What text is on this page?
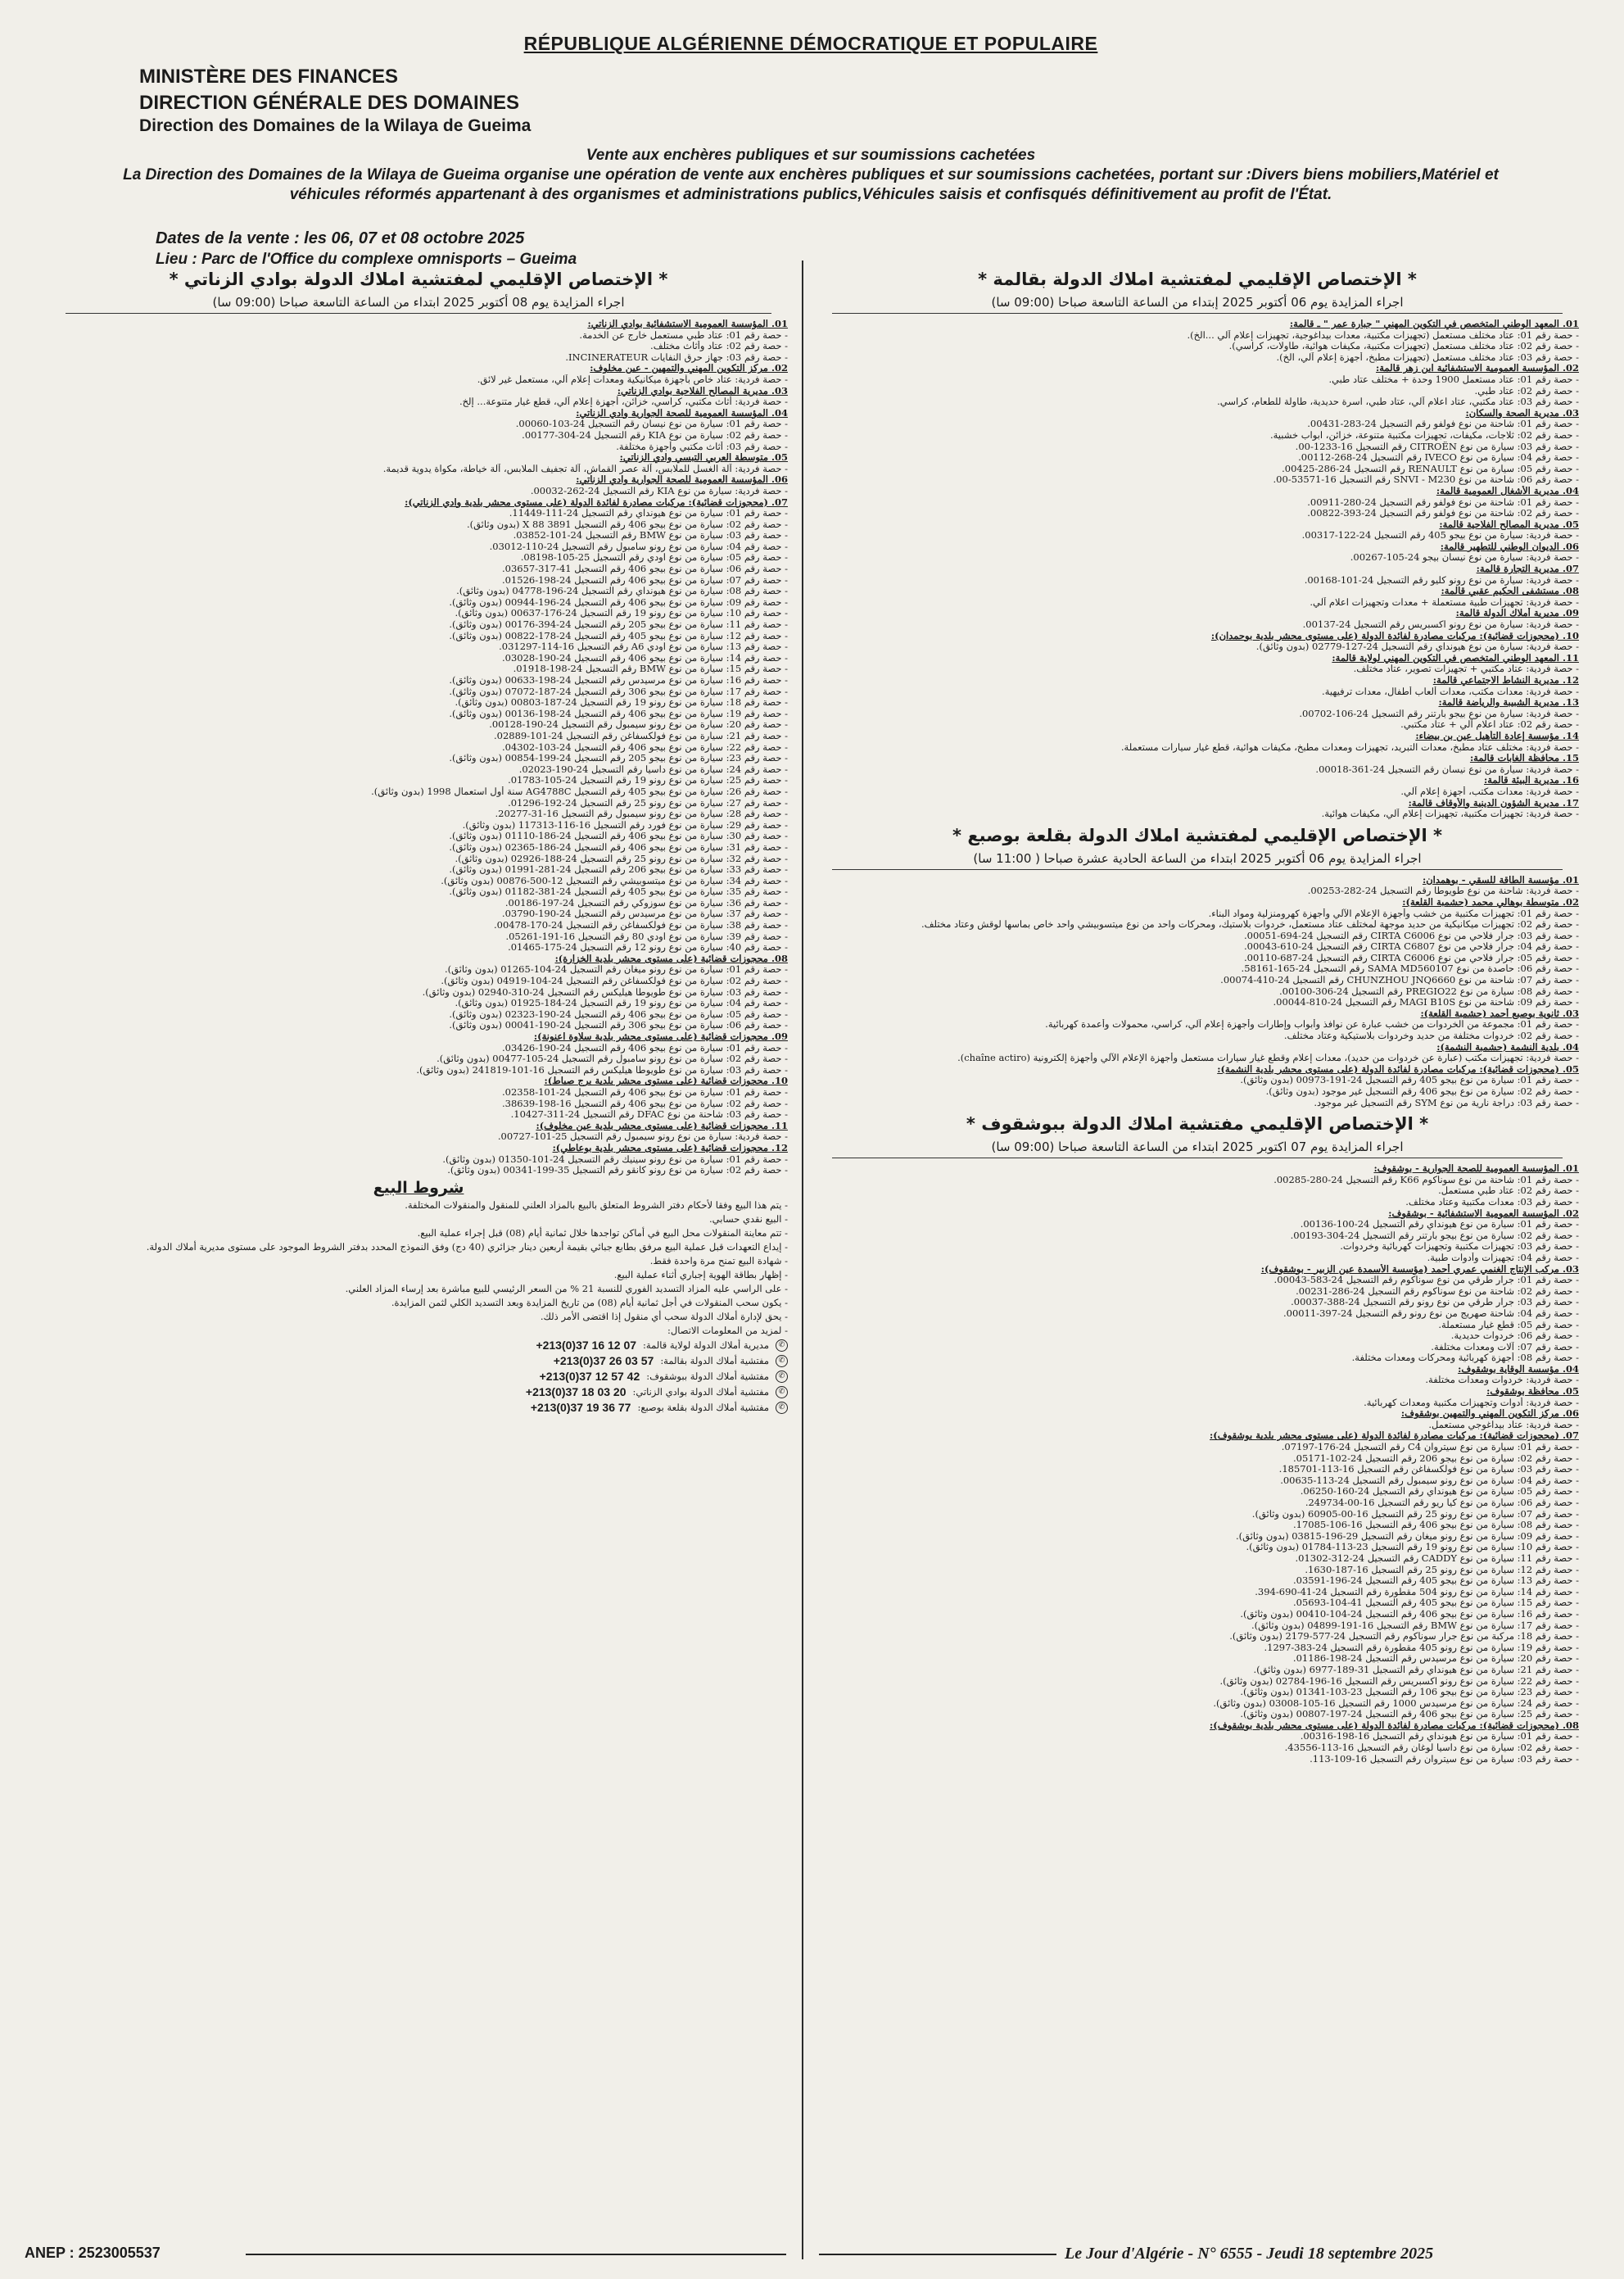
RÉPUBLIQUE ALGÉRIENNE DÉMOCRATIQUE ET POPULAIRE
MINISTÈRE DES FINANCES
DIRECTION GÉNÉRALE DES DOMAINES
Direction des Domaines de la Wilaya de Gueima
Vente aux enchères publiques et sur soumissions cachetées
La Direction des Domaines de la Wilaya de Gueima organise une opération de vente aux enchères publiques et sur soumissions cachetées, portant sur :Divers biens mobiliers,Matériel et véhicules réformés appartenant à des organismes et administrations publics,Véhicules saisis et confisqués définitivement au profit de l'État.
Dates de la vente : les 06, 07 et 08 octobre 2025
Lieu : Parc de l'Office du complexe omnisports – Gueima
* الإختصاص الإقليمي لمفتشية املاك الدولة بقالمة *
اجراء المزايدة يوم 06 أكتوبر 2025 إبتداء من الساعة التاسعة صباحا (09:00 سا)
01. المعهد الوطني المتخصص في التكوين المهني " جبارة عمر " ـ قالمة:
- حصة رقم 01: عتاد مختلف مستعمل (تجهيزات مكتبية، معدات بيداغوجية، تجهيزات إعلام آلي ...الخ).
- حصة رقم 02: عتاد مختلف مستعمل (تجهيزات مكتبية، مكيفات هوائية، طاولات، كراسي).
- حصة رقم 03: عتاد مختلف مستعمل (تجهيزات مطبخ، أجهزة إعلام آلي، الخ).
02. المؤسسة العمومية الاستشفائية ابن زهر قالمة:
- حصة رقم 01: عتاد مستعمل 1900 وحدة + مختلف عتاد طبي.
- حصة رقم 02: عتاد طبي.
- حصة رقم 03: عتاد مكتبي، عتاد اعلام آلي، عتاد طبي، اسرة حديدية، طاولة للطعام، كراسي.
03. مديرية الصحة والسكان:
- حصة رقم 01: شاحنة من نوع فولفو رقم التسجيل 24-283-00431.
- حصة رقم 02: ثلاجات، مكيفات، تجهيزات مكتبية متنوعة، خزائن، ابواب خشبية.
- حصة رقم 03: سيارة من نوع CITROËN رقم التسجيل 16-1233-00.
- حصة رقم 04: سيارة من نوع IVECO رقم التسجيل 24-268-00112.
- حصة رقم 05: سيارة من نوع RENAULT رقم التسجيل 24-286-00425.
- حصة رقم 06: شاحنة من نوع SNVI - M230 رقم التسجيل 16-53571-00.
04. مديرية الأشغال العمومية قالمة:
- حصة رقم 01: شاحنة من نوع فولفو رقم التسجيل 24-280-00911.
- حصة رقم 02: شاحنة من نوع فولفو رقم التسجيل 24-393-00822.
05. مديرية المصالح الفلاحية قالمة:
- حصة فردية: سيارة من نوع بيجو 405 رقم التسجيل 24-122-00317.
06. الديوان الوطني للتطهير قالمة:
- حصة فردية: سيارة من نوع نيسان بيجو 24-105-00267.
07. مديرية التجارة قالمة:
- حصة فردية: سيارة من نوع رونو كليو رقم التسجيل 24-101-00168.
08. مستشفى الحكيم عقبي قالمة:
- حصة فردية: تجهيزات طبية مستعملة + معدات وتجهيزات اعلام آلي.
09. مديرية أملاك الدولة قالمة:
- حصة فردية: سيارة من نوع رونو اكسبريس رقم التسجيل 24-00137.
10. (محجوزات قضائية): مركبات مصادرة لفائدة الدولة (على مستوى محشر بلدية بوحمدان):
- حصة فردية: سيارة من نوع هيونداي رقم التسجيل 24-127-02779 (بدون وثائق).
11. المعهد الوطني المتخصص في التكوين المهني لولاية قالمة:
- حصة فردية: عتاد مكتبي + تجهيزات تصوير، عتاد مختلف.
12. مديرية النشاط الاجتماعي قالمة:
- حصة فردية: معدات مكتب، معدات ألعاب أطفال، معدات ترفيهية.
13. مديرية الشبيبة والرياضة قالمة:
- حصة فردية: سيارة من نوع بيجو بارتنر رقم التسجيل 24-106-00702.
- حصة رقم 02: عتاد اعلام آلي + عتاد مكتبي.
14. مؤسسة إعادة التأهيل عين بن بيضاء:
- حصة فردية: مختلف عتاد مطبخ، معدات التبريد، تجهيزات ومعدات مطبخ، مكيفات هوائية، قطع غيار سيارات مستعملة.
15. محافظة الغابات قالمة:
- حصة فردية: سيارة من نوع نيسان رقم التسجيل 24-361-00018.
16. مديرية البيئة قالمة:
- حصة فردية: معدات مكتب، أجهزة إعلام آلي.
17. مديرية الشؤون الدينية والأوقاف قالمة:
- حصة فردية: تجهيزات مكتبية، تجهيزات إعلام آلي، مكيفات هوائية.
* الإختصاص الإقليمي لمفتشية املاك الدولة بقلعة بوصبع *
اجراء المزايدة يوم 06 أكتوبر 2025 ابتداء من الساعة الحادية عشرة صباحا ( 11:00 سا)
01. مؤسسة الطاقة للسقي - بوهمدان:
- حصة فردية: شاحنة من نوع طويوطا رقم التسجيل 24-282-00253.
02. متوسطة بوهالي محمد (حشمبة القلعة):
- حصة رقم 01: تجهيزات مكتبية من خشب وأجهزة الإعلام الآلي وأجهزة كهرومنزلية ومواد البناء.
- حصة رقم 02: تجهيزات ميكانيكية من حديد موجهة لمختلف عتاد مستعمل، خردوات بلاستيك، ومحركات واحد من نوع ميتسوبيشي واحد خاص بماسها لوقش وعتاد مختلف.
- حصة رقم 03: جرار فلاحي من نوع CIRTA C6006 رقم التسجيل 24-694-00051.
- حصة رقم 04: جرار فلاحي من نوع CIRTA C6807 رقم التسجيل 24-610-00043.
- حصة رقم 05: جرار فلاحي من نوع CIRTA C6006 رقم التسجيل 24-687-00110.
- حصة رقم 06: حاصدة من نوع SAMA MD560107 رقم التسجيل 24-165-58161.
- حصة رقم 07: شاحنة من نوع CHUNZHOU JNQ6660 رقم التسجيل 24-410-00074.
- حصة رقم 08: سيارة من نوع PREGIO22 رقم التسجيل 24-306-00100.
- حصة رقم 09: شاحنة من نوع MAGI B10S رقم التسجيل 24-810-00044.
03. ثانوية بوصبع أحمد (حشمبة القلعة):
- حصة رقم 01: مجموعة من الخردوات من خشب عبارة عن نوافذ وأبواب وإطارات وأجهزة إعلام آلي، كراسي، محمولات وأعمدة كهربائية.
- حصة رقم 02: خردوات مختلفة من حديد وخردوات بلاستيكية وعتاد مختلف.
04. بلدية النشمة (حشمبة النشمة):
- حصة فردية: تجهيزات مكتب (عبارة عن خردوات من حديد)، معدات إعلام وقطع غيار سيارات مستعمل وأجهزة الإعلام الآلي وأجهزة إلكترونية (chaîne actiro).
05. (محجوزات قضائية): مركبات مصادرة لفائدة الدولة (على مستوى محشر بلدية النشمة):
- حصة رقم 01: سيارة من نوع بيجو 405 رقم التسجيل 24-191-00973 (بدون وثائق).
- حصة رقم 02: سيارة من نوع بيجو 406 رقم التسجيل غير موجود (بدون وثائق).
- حصة رقم 03: دراجة نارية من نوع SYM رقم التسجيل غير موجود.
* الإختصاص الإقليمي مفتشية املاك الدولة ببوشقوف *
اجراء المزايدة يوم 07 اكتوبر 2025 ابتداء من الساعة التاسعة صباحا (09:00 سا)
01. المؤسسة العمومية للصحة الجوارية - بوشقوف:
- حصة رقم 01: شاحنة من نوع سوناكوم K66 رقم التسجيل 24-280-00285.
- حصة رقم 02: عتاد طبي مستعمل.
- حصة رقم 03: معدات مكتبية وعتاد مختلف.
02. المؤسسة العمومية الاستشفائية - بوشقوف:
- حصة رقم 01: سيارة من نوع هيونداي رقم التسجيل 24-100-00136.
- حصة رقم 02: سيارة من نوع بيجو بارتنر رقم التسجيل 24-304-00193.
- حصة رقم 03: تجهيزات مكتبية وتجهيزات كهربائية وخردوات.
- حصة رقم 04: تجهيزات وأدوات طبية.
03. مركب الإنتاج الغنمي عمري أحمد (مؤسسة الأسمدة عين الزبير - بوشقوف):
- حصة رقم 01: جرار طرقي من نوع سوناكوم رقم التسجيل 24-583-00043.
- حصة رقم 02: شاحنة من نوع سوناكوم رقم التسجيل 24-286-00231.
- حصة رقم 03: جرار طرقي من نوع رونو رقم التسجيل 24-388-00037.
- حصة رقم 04: شاحنة صهريج من نوع رونو رقم التسجيل 24-397-00011.
- حصة رقم 05: قطع غيار مستعملة.
- حصة رقم 06: خردوات حديدية.
- حصة رقم 07: آلات ومعدات مختلفة.
- حصة رقم 08: أجهزة كهربائية ومحركات ومعدات مختلفة.
04. مؤسسة الوقاية بوشقوف:
- حصة فردية: خردوات ومعدات مختلفة.
05. محافظة بوشقوف:
- حصة فردية: أدوات وتجهيزات مكتبية ومعدات كهربائية.
06. مركز التكوين المهني والتمهين بوشقوف:
- حصة فردية: عتاد بيداغوجي مستعمل.
07. (محجوزات قضائية): مركبات مصادرة لفائدة الدولة (على مستوى محشر بلدية بوشقوف):
- حصة رقم 01: سيارة من نوع سيتروان C4 رقم التسجيل 24-176-07197.
- حصة رقم 02: سيارة من نوع بيجو 206 رقم التسجيل 24-102-05171.
- حصة رقم 03: سيارة من نوع فولكسفاغن رقم التسجيل 16-113-185701.
- حصة رقم 04: سيارة من نوع رونو سيمبول رقم التسجيل 24-113-00635.
- حصة رقم 05: سيارة من نوع هيونداي رقم التسجيل 24-160-06250.
- حصة رقم 06: سيارة من نوع كيا ريو رقم التسجيل 16-00-249734.
- حصة رقم 07: سيارة من نوع رونو 25 رقم التسجيل 16-00-60905 (بدون وثائق).
- حصة رقم 08: سيارة من نوع بيجو 406 رقم التسجيل 16-106-17085.
- حصة رقم 09: سيارة من نوع رونو ميغان رقم التسجيل 29-196-03815 (بدون وثائق).
- حصة رقم 10: سيارة من نوع رونو 19 رقم التسجيل 23-113-01784 (بدون وثائق).
- حصة رقم 11: سيارة من نوع CADDY رقم التسجيل 24-312-01302.
- حصة رقم 12: سيارة من نوع رونو 25 رقم التسجيل 16-187-1630.
- حصة رقم 13: سيارة من نوع بيجو 405 رقم التسجيل 24-196-03591.
- حصة رقم 14: سيارة من نوع رونو 504 مقطورة رقم التسجيل 24-41-690-394.
- حصة رقم 15: سيارة من نوع بيجو 405 رقم التسجيل 41-104-05693.
- حصة رقم 16: سيارة من نوع بيجو 406 رقم التسجيل 24-104-00410 (بدون وثائق).
- حصة رقم 17: سيارة من نوع BMW رقم التسجيل 16-191-04899 (بدون وثائق).
- حصة رقم 18: مركبة من نوع جرار سوناكوم رقم التسجيل 24-577-2179 (بدون وثائق).
- حصة رقم 19: سيارة من نوع رونو 405 مقطورة رقم التسجيل 24-383-1297.
- حصة رقم 20: سيارة من نوع مرسيدس رقم التسجيل 24-198-01186.
- حصة رقم 21: سيارة من نوع هيونداي رقم التسجيل 31-189-6977 (بدون وثائق).
- حصة رقم 22: سيارة من نوع رونو اكسبريس رقم التسجيل 16-196-02784 (بدون وثائق).
- حصة رقم 23: سيارة من نوع بيجو 106 رقم التسجيل 23-103-01341 (بدون وثائق).
- حصة رقم 24: سيارة من نوع مرسيدس 1000 رقم التسجيل 16-105-03008 (بدون وثائق).
- حصة رقم 25: سيارة من نوع بيجو 406 رقم التسجيل 24-197-00807 (بدون وثائق).
08. (محجوزات قضائية): مركبات مصادرة لفائدة الدولة (على مستوى محشر بلدية بوشقوف):
- حصة رقم 01: سيارة من نوع هيونداي رقم التسجيل 16-198-00316.
- حصة رقم 02: سيارة من نوع داسيا لوغان رقم التسجيل 16-113-43556.
- حصة رقم 03: سيارة من نوع سيتروان رقم التسجيل 16-109-113.
* الإختصاص الإقليمي لمفتشية املاك الدولة بوادي الزناتي *
اجراء المزايدة يوم 08 أكتوبر 2025 ابتداء من الساعة التاسعة صباحا (09:00 سا)
01. المؤسسة العمومية الاستشفائية بوادي الزناتي:
- حصة رقم 01: عتاد طبي مستعمل خارج عن الخدمة.
- حصة رقم 02: عتاد وأثاث مختلف.
- حصة رقم 03: جهاز حرق النفايات INCINERATEUR.
02. مركز التكوين المهني والتمهين - عين مخلوف:
- حصة فردية: عتاد خاص بأجهزة ميكانيكية ومعدات إعلام آلي، مستعمل غير لائق.
03. مديرية المصالح الفلاحية بوادي الزناتي:
- حصة فردية: أثاث مكتبي، كراسي، خزائن، أجهزة إعلام آلي، قطع غيار متنوعة... إلخ.
04. المؤسسة العمومية للصحة الجوارية وادي الزناتي:
- حصة رقم 01: سيارة من نوع نيسان رقم التسجيل 24-103-00060.
- حصة رقم 02: سيارة من نوع KIA رقم التسجيل 24-304-00177.
- حصة رقم 03: أثاث مكتبي وأجهزة مختلفة.
05. متوسطة العربي التبسي وادي الزناتي:
- حصة فردية: آلة الغسل للملابس، آلة عصر القماش، آلة تجفيف الملابس، آلة خياطة، مكواة يدوية قديمة.
06. المؤسسة العمومية للصحة الجوارية وادي الزناتي:
- حصة فردية: سيارة من نوع KIA رقم التسجيل 24-262-00032.
07. (محجوزات قضائية): مركبات مصادرة لفائدة الدولة (على مستوى محشر بلدية وادي الزناتي):
- حصة رقم 01: سيارة من نوع هيونداي رقم التسجيل 24-111-11449.
- حصة رقم 02: سيارة من نوع بيجو 406 رقم التسجيل 3891 X 88 (بدون وثائق).
- حصة رقم 03: سيارة من نوع BMW رقم التسجيل 24-101-03852.
- حصة رقم 04: سيارة من نوع رونو سامبول رقم التسجيل 24-110-03012.
- حصة رقم 05: سيارة من نوع اودي رقم التسجيل 25-105-08198.
- حصة رقم 06: سيارة من نوع بيجو 406 رقم التسجيل 41-317-03657.
- حصة رقم 07: سيارة من نوع بيجو 406 رقم التسجيل 24-198-01526.
- حصة رقم 08: سيارة من نوع هيونداي رقم التسجيل 24-196-04778 (بدون وثائق).
- حصة رقم 09: سيارة من نوع بيجو 406 رقم التسجيل 24-196-00944 (بدون وثائق).
- حصة رقم 10: سيارة من نوع رونو 19 رقم التسجيل 24-176-00637 (بدون وثائق).
- حصة رقم 11: سيارة من نوع بيجو 205 رقم التسجيل 24-394-00176 (بدون وثائق).
- حصة رقم 12: سيارة من نوع بيجو 405 رقم التسجيل 24-178-00822 (بدون وثائق).
- حصة رقم 13: سيارة من نوع اودي A6 رقم التسجيل 16-114-031297.
- حصة رقم 14: سيارة من نوع بيجو 406 رقم التسجيل 24-190-03028.
- حصة رقم 15: سيارة من نوع BMW رقم التسجيل 24-198-01918.
- حصة رقم 16: سيارة من نوع مرسيدس رقم التسجيل 24-198-00633 (بدون وثائق).
- حصة رقم 17: سيارة من نوع بيجو 306 رقم التسجيل 24-187-07072 (بدون وثائق).
- حصة رقم 18: سيارة من نوع رونو 19 رقم التسجيل 24-187-00803 (بدون وثائق).
- حصة رقم 19: سيارة من نوع بيجو 406 رقم التسجيل 24-198-00136 (بدون وثائق).
- حصة رقم 20: سيارة من نوع رونو سيمبول رقم التسجيل 24-190-00128.
- حصة رقم 21: سيارة من نوع فولكسفاغن رقم التسجيل 24-101-02889.
- حصة رقم 22: سيارة من نوع بيجو 406 رقم التسجيل 24-103-04302.
- حصة رقم 23: سيارة من نوع بيجو 205 رقم التسجيل 24-199-00854 (بدون وثائق).
- حصة رقم 24: سيارة من نوع داسيا رقم التسجيل 24-190-02023.
- حصة رقم 25: سيارة من نوع رونو 19 رقم التسجيل 24-105-01783.
- حصة رقم 26: سيارة من نوع بيجو 405 رقم التسجيل AG4788C سنة أول استعمال 1998 (بدون وثائق).
- حصة رقم 27: سيارة من نوع رونو 25 رقم التسجيل 24-192-01296.
- حصة رقم 28: سيارة من نوع رونو سيمبول رقم التسجيل 16-31-20277.
- حصة رقم 29: سيارة من نوع فورد رقم التسجيل 16-116-117313 (بدون وثائق).
- حصة رقم 30: سيارة من نوع بيجو 406 رقم التسجيل 24-186-01110 (بدون وثائق).
- حصة رقم 31: سيارة من نوع بيجو 406 رقم التسجيل 24-186-02365 (بدون وثائق).
- حصة رقم 32: سيارة من نوع رونو 25 رقم التسجيل 24-188-02926 (بدون وثائق).
- حصة رقم 33: سيارة من نوع بيجو 206 رقم التسجيل 24-281-01991 (بدون وثائق).
- حصة رقم 34: سيارة من نوع ميتسوبيشي رقم التسجيل 12-500-00876 (بدون وثائق).
- حصة رقم 35: سيارة من نوع بيجو 405 رقم التسجيل 24-381-01182 (بدون وثائق).
- حصة رقم 36: سيارة من نوع سوزوكي رقم التسجيل 24-197-00186.
- حصة رقم 37: سيارة من نوع مرسيدس رقم التسجيل 24-190-03790.
- حصة رقم 38: سيارة من نوع فولكسفاغن رقم التسجيل 24-170-00478.
- حصة رقم 39: سيارة من نوع اودي 80 رقم التسجيل 16-191-05261.
- حصة رقم 40: سيارة من نوع رونو 12 رقم التسجيل 24-175-01465.
08. محجوزات قضائية (على مستوى محشر بلدية الخزارة):
- حصة رقم 01: سيارة من نوع رونو ميغان رقم التسجيل 24-104-01265 (بدون وثائق).
- حصة رقم 02: سيارة من نوع فولكسفاغن رقم التسجيل 24-104-04919 (بدون وثائق).
- حصة رقم 03: سيارة من نوع طويوطا هيليكس رقم التسجيل 24-310-02940 (بدون وثائق).
- حصة رقم 04: سيارة من نوع رونو 19 رقم التسجيل 24-184-01925 (بدون وثائق).
- حصة رقم 05: سيارة من نوع بيجو 406 رقم التسجيل 24-190-02323 (بدون وثائق).
- حصة رقم 06: سيارة من نوع بيجو 306 رقم التسجيل 24-190-00041 (بدون وثائق).
09. محجوزات قضائية (على مستوى محشر بلدية سلاوة اعنونة):
- حصة رقم 01: سيارة من نوع بيجو 406 رقم التسجيل 24-190-03426.
- حصة رقم 02: سيارة من نوع رونو سامبول رقم التسجيل 24-105-00477 (بدون وثائق).
- حصة رقم 03: سيارة من نوع طويوطا هيليكس رقم التسجيل 16-101-241819 (بدون وثائق).
10. محجوزات قضائية (على مستوى محشر بلدية برج صباط):
- حصة رقم 01: سيارة من نوع بيجو 406 رقم التسجيل 24-101-02358.
- حصة رقم 02: سيارة من نوع بيجو 406 رقم التسجيل 16-198-38639.
- حصة رقم 03: شاحنة من نوع DFAC رقم التسجيل 24-311-10427.
11. محجوزات قضائية (على مستوى محشر بلدية عين مخلوف):
- حصة فردية: سيارة من نوع رونو سيمبول رقم التسجيل 25-101-00727.
12. محجوزات قضائية (على مستوى محشر بلدية بوعاطي):
- حصة رقم 01: سيارة من نوع رونو سينيك رقم التسجيل 24-101-01350 (بدون وثائق).
- حصة رقم 02: سيارة من نوع رونو كانقو رقم التسجيل 35-199-00341 (بدون وثائق).
شروط البيع
- يتم هذا البيع وفقا لأحكام دفتر الشروط المتعلق بالبيع بالمزاد العلني للمنقول والمنقولات المختلفة.
- البيع نقدي حسابي.
- تتم معاينة المنقولات محل البيع في أماكن تواجدها خلال ثمانية أيام (08) قبل إجراء عملية البيع.
- إيداع التعهدات قبل عملية البيع مرفق بطابع جبائي بقيمة أربعين دينار جزائري (40 دج) وفق النموذج المحدد بدفتر الشروط الموجود على مستوى مديرية أملاك الدولة.
- شهادة البيع تمنح مرة واحدة فقط.
- إظهار بطاقة الهوية إجباري أثناء عملية البيع.
- على الراسي عليه المزاد التسديد الفوري للنسبة 21 % من السعر الرئيسي للبيع مباشرة بعد إرساء المزاد العلني.
- يكون سحب المنقولات في أجل ثمانية أيام (08) من تاريخ المزايدة وبعد التسديد الكلي لثمن المزايدة.
- يحق لإدارة أملاك الدولة سحب أي منقول إذا اقتضى الأمر ذلك.
- لمزيد من المعلومات الاتصال:
✆
مديرية أملاك الدولة لولاية قالمة:
+213(0)37 16 12 07
✆
مفتشية أملاك الدولة بقالمة:
+213(0)37 26 03 57
✆
مفتشية أملاك الدولة ببوشقوف:
+213(0)37 12 57 42
✆
مفتشية أملاك الدولة بوادي الزناتي:
+213(0)37 18 03 20
✆
مفتشية أملاك الدولة بقلعة بوصبع:
+213(0)37 19 36 77
ANEP : 2523005537	Le Jour d'Algérie - N° 6555 - Jeudi 18 septembre 2025
